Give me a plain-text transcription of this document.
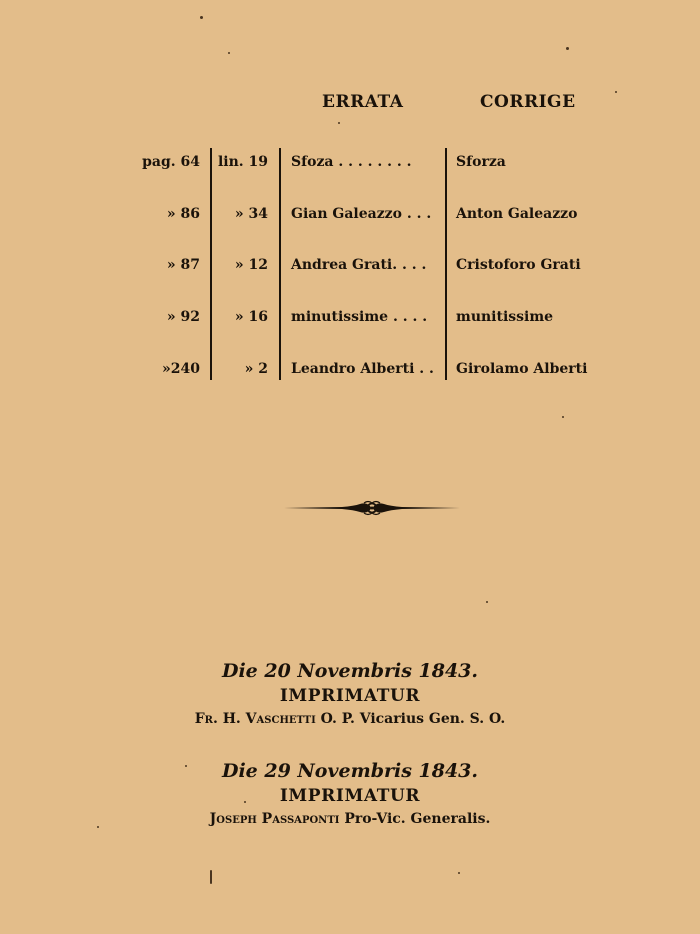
ERRATA	CORRIGE
pag. 64 lin. 19 Sfoza . . . . . . . .	Sforza
» 86 » 34 Gian Galeazzo . . . Anton Galeazzo
» 87 » 12 Andrea Grati. . . . Cristoforo Grati
» 92 » 16 minutissime . . . . munitissime
»240	» 2 Leandro Alberti . . Girolamo Alberti
Die 20 Novembris 1843.
IMPRIMATUR
Fr. H. Vaschetti O. P. Vicarius Gen. S. O.
Die 29 Novembris 1843.
IMPRIMATUR
Joseph Passaponti Pro-Vic. Generalis.
